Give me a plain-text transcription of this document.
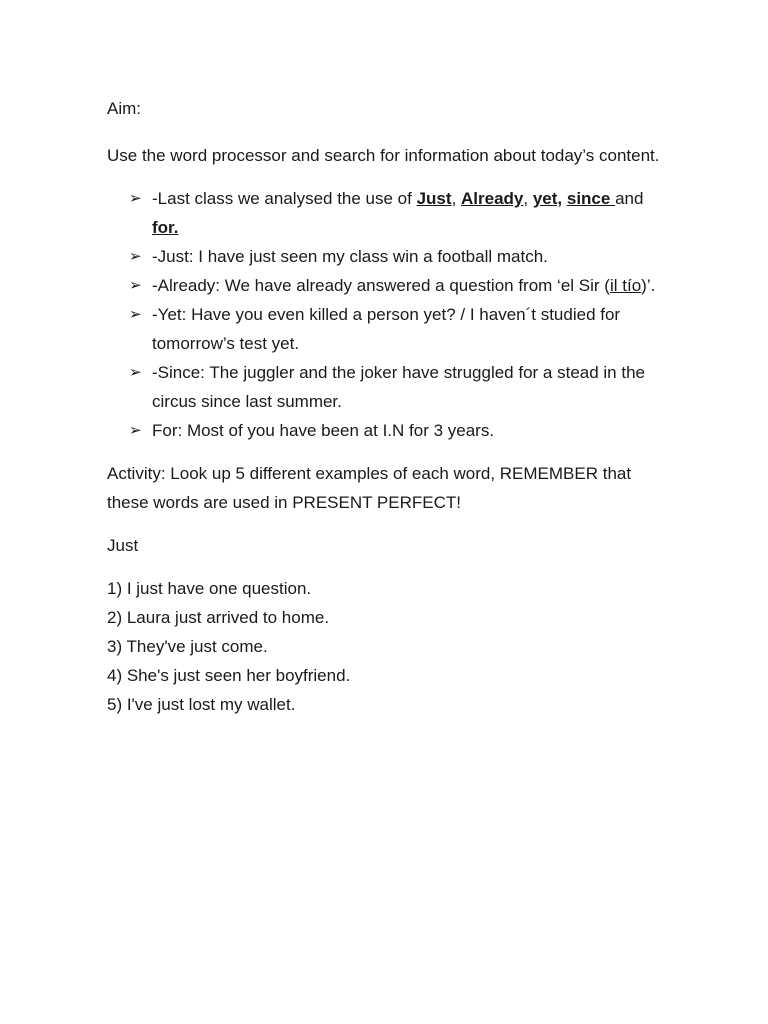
Aim:

Use the word processor and search for information about today’s content.

➢ -Last class we analysed the use of Just, Already, yet, since and for.
➢ -Just: I have just seen my class win a football match.
➢ -Already: We have already answered a question from ‘el Sir (il tío)’.
➢ -Yet: Have you even killed a person yet? / I haven´t studied for tomorrow’s test yet.
➢ -Since: The juggler and the joker have struggled for a stead in the circus since last summer.
➢ For: Most of you have been at I.N for 3 years.

Activity: Look up 5 different examples of each word, REMEMBER that these words are used in PRESENT PERFECT!

Just

1) I just have one question.
2) Laura just arrived to home.
3) They've just come.
4) She's just seen her boyfriend.
5) I've just lost my wallet.
